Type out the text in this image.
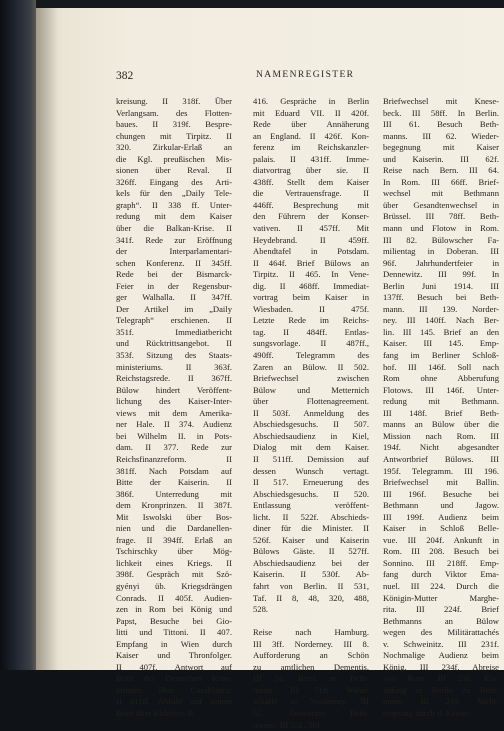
382	NAMENREGISTER
kreisung. II 318f. Über
Verlangsam. des Flotten-
baues. II 319f. Bespre-
chungen mit Tirpitz. II
320. Zirkular-Erlaß an
die Kgl. preußischen Mis-
sionen über Reval. II
326ff. Eingang des Arti-
kels für den „Daily Tele-
graph“. II 338 ff. Unter-
redung mit dem Kaiser
über die Balkan-Krise. II
341f. Rede zur Eröffnung
der Interparlamentari-
schen Konferenz. II 345ff.
Rede bei der Bismarck-
Feier in der Regensbur-
ger Walhalla. II 347ff.
Der Artikel im „Daily
Telegraph“ erschienen. II
351f. Immediatbericht
und Rücktrittsangebot. II
353f. Sitzung des Staats-
ministeriums. II 363f.
Reichstagsrede. II 367ff.
Bülow hindert Veröffent-
lichung des Kaiser-Inter-
views mit dem Amerika-
ner Hale. II 374. Audienz
bei Wilhelm II. in Pots-
dam. II 377. Rede zur
Reichsfinanzreform. II
381ff. Nach Potsdam auf
Bitte der Kaiserin. II
386f. Unterredung mit
dem Kronprinzen. II 387f.
Mit Iswolski über Bos-
nien und die Dardanellen-
frage. II 394ff. Erlaß an
Tschirschky über Mög-
lichkeit eines Kriegs. II
398f. Gespräch mit Szö-
gyényi üb. Kriegsdrängen
Conrads. II 405f. Audien-
zen in Rom bei König und
Papst, Besuche bei Gio-
litti und Tittoni. II 407.
Empfang in Wien durch
Kaiser und Thronfolger.
II 407f. Antwort auf
Brief des Deutschen Kron-
prinzen über Casablanca.
II 411ff. Abfuhr auf seinen
Brief über Kiderlen. II
416. Gespräche in Berlin
mit Eduard VII. II 420f.
Rede über Annäherung
an England. II 426f. Kon-
ferenz im Reichskanzler-
palais. II 431ff. Imme-
diatvortrag über sie. II
438ff. Stellt dem Kaiser
die Vertrauensfrage. II
446ff. Besprechung mit
den Führern der Konser-
vativen. II 457ff. Mit
Heydebrand. II 459ff.
Abendtafel in Potsdam.
II 464f. Brief Bülows an
Tirpitz. II 465. In Vene-
dig. II 468ff. Immediat-
vortrag beim Kaiser in
Wiesbaden. II 475f.
Letzte Rede im Reichs-
tag. II 484ff. Entlas-
sungsvorlage. II 487ff.,
490ff. Telegramm des
Zaren an Bülow. II 502.
Briefwechsel zwischen
Bülow und Metternich
über Flottenagreement.
II 503f. Anmeldung des
Abschiedsgesuchs. II 507.
Abschiedsaudienz in Kiel,
Dialog mit dem Kaiser.
II 511ff. Demission auf
dessen Wunsch vertagt.
II 517. Erneuerung des
Abschiedsgesuchs. II 520.
Entlassung veröffent-
licht. II 522f. Abschieds-
diner für die Minister. II
526f. Kaiser und Kaiserin
Bülows Gäste. II 527ff.
Abschiedsaudienz bei der
Kaiserin. II 530f. Ab-
fahrt von Berlin. II 531,
Taf. II 8, 48, 320, 488,
528.

Reise nach Hamburg.
III 3ff. Norderney. III 8.
Aufforderung an Schön
zu amtlichen Dementis.
III 51. Brief an Beth-
mann. III 51ff. Wahn-
schaffe in Norderney. III
55. Antworten Beth-
manns. III 55f., 56f.
Briefwechsel mit Knese-
beck. III 58ff. In Berlin.
III 61. Besuch Beth-
manns. III 62. Wieder-
begegnung mit Kaiser
und Kaiserin. III 62f.
Reise nach Bern. III 64.
In Rom. III 66ff. Brief-
wechsel mit Bethmann
über Gesandtenwechsel in
Brüssel. III 78ff. Beth-
mann und Flotow in Rom.
III 82. Bülowscher Fa-
milientag in Doberan. III
96f. Jahrhundertfeier in
Dennewitz. III 99f. In
Berlin Juni 1914. III
137ff. Besuch bei Beth-
mann. III 139. Norder-
ney. III 140ff. Nach Ber-
lin. III 145. Brief an den
Kaiser. III 145. Emp-
fang im Berliner Schloß-
hof. III 146f. Soll nach
Rom ohne Abberufung
Flotows. III 146f. Unter-
redung mit Bethmann.
III 148f. Brief Beth-
manns an Bülow über die
Mission nach Rom. III
194f. Nicht abgesandter
Antwortbrief Bülows. III
195f. Telegramm. III 196.
Briefwechsel mit Ballin.
III 196f. Besuche bei
Bethmann und Jagow.
III 199f. Audienz beim
Kaiser in Schloß Belle-
vue. III 204f. Ankunft in
Rom. III 208. Besuch bei
Sonnino. III 218ff. Emp-
fang durch Viktor Ema-
nuel. III 224. Durch die
Königin-Mutter Marghe-
rita. III 224f. Brief
Bethmanns an Bülow
wegen des Militärattachés
v. Schweinitz. III 231f.
Nochmalige Audienz beim
König. III 234f. Abreise
von Rom. III 236. Ein-
ladung in Berlin zu Beth-
mann. III 240. Nicht-
empfang durch d. Kaiser.
